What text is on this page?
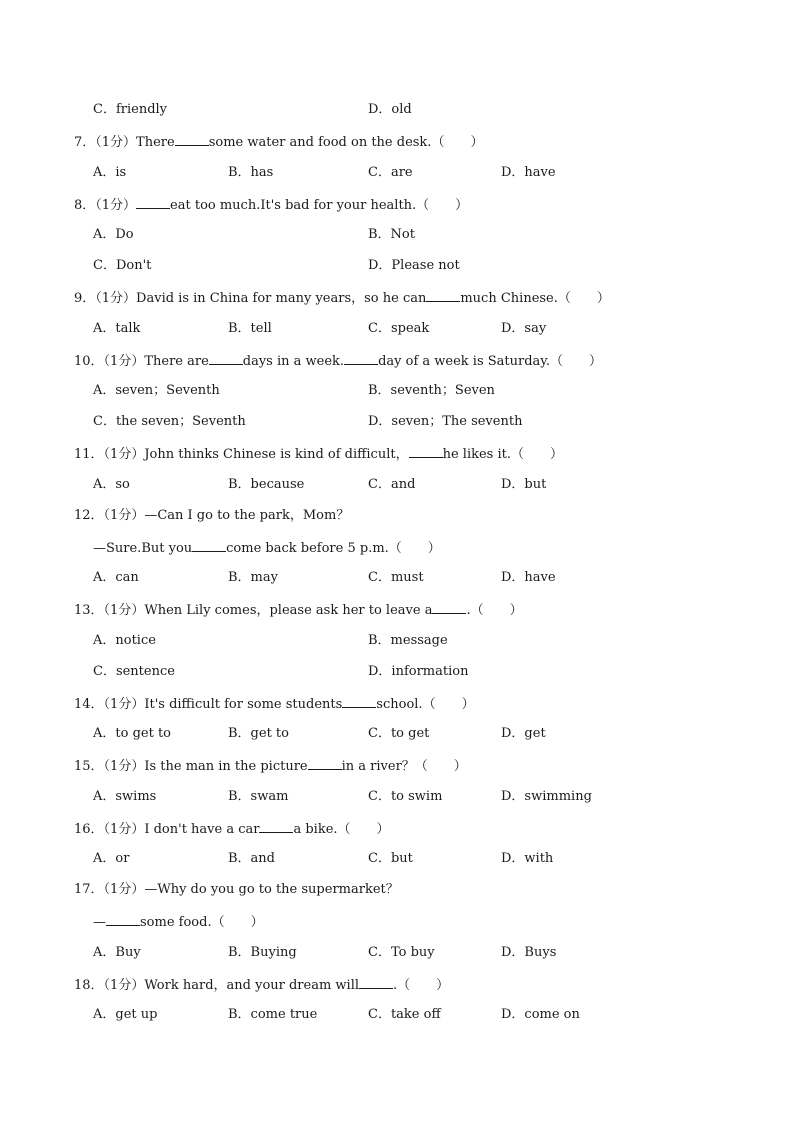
C．friendly	D．old
7．（1分）There	some water and food on the desk.（　　）
A．is	B．has	C．are	D．have
8．（1分）	eat too much.It's bad for your health.（　　）
A．Do	B．Not
C．Don't	D．Please not
9．（1分）David is in China for many years，so he can	much Chinese.（　　）
A．talk	B．tell	C．speak	D．say
10．（1分）There are	days in a week.	day of a week is Saturday.（　　）
A．seven；Seventh	B．seventh；Seven
C．the seven；Seventh	D．seven；The seventh
11．（1分）John thinks Chinese is kind of difficult，	he likes it.（　　）
A．so	B．because	C．and	D．but
12．（1分）—Can I go to the park，Mom？
—Sure.But you	come back before 5 p.m.（　　）
A．can	B．may	C．must	D．have
13．（1分）When Lily comes，please ask her to leave a	.（　　）
A．notice	B．message
C．sentence	D．information
14．（1分）It's difficult for some students	school.（　　）
A．to get to	B．get to	C．to get	D．get
15．（1分）Is the man in the picture	in a river？（　　）
A．swims	B．swam	C．to swim	D．swimming
16．（1分）I don't have a car	a bike.（　　）
A．or	B．and	C．but	D．with
17．（1分）—Why do you go to the supermarket？
—	some food.（　　）
A．Buy	B．Buying	C．To buy	D．Buys
18．（1分）Work hard，and your dream will	.（　　）
A．get up	B．come true	C．take off	D．come on
